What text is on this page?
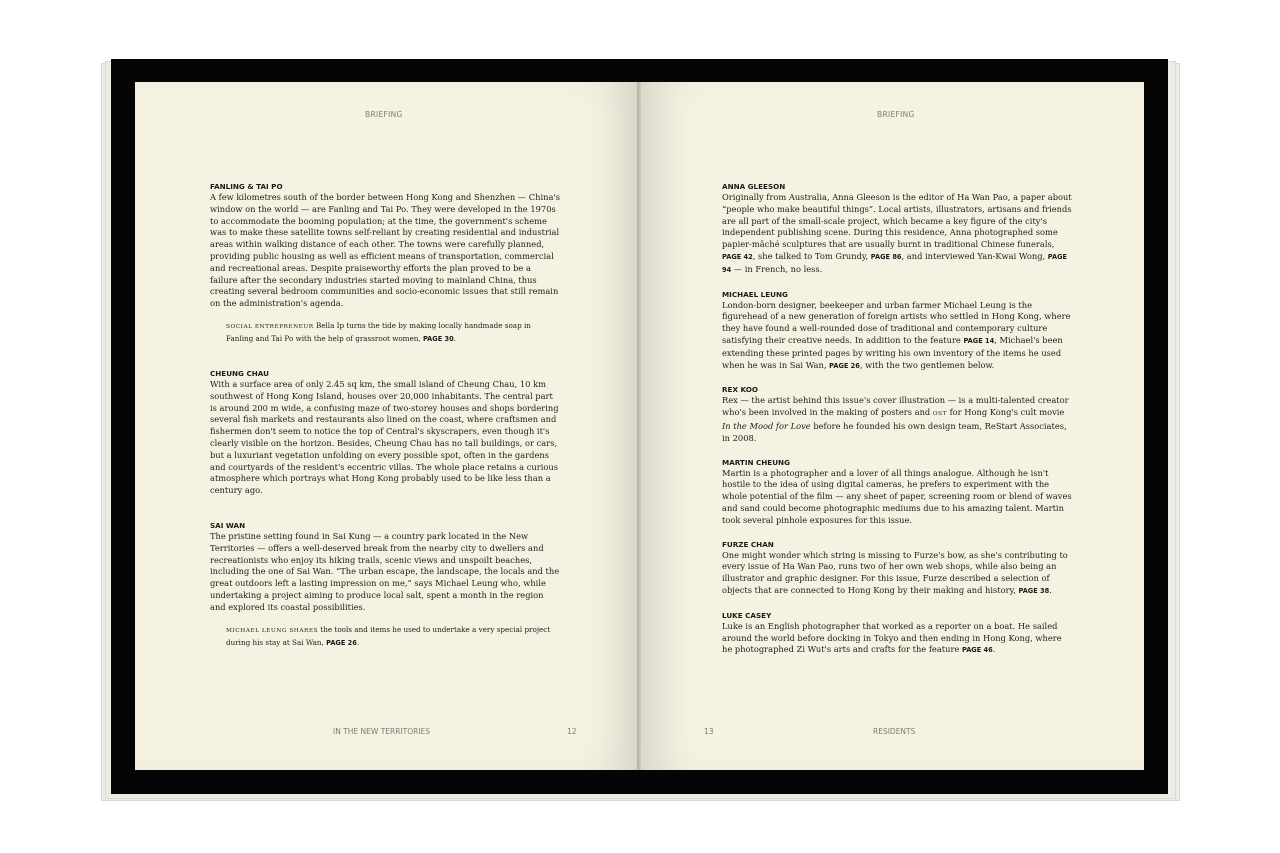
BRIEFING

FANLING & TAI PO

A few kilometres south of the border between Hong Kong and Shenzhen — China's window on the world — are Fanling and Tai Po. They were developed in the 1970s to accommodate the booming population; at the time, the government's scheme was to make these satellite towns self-reliant by creating residential and industrial areas within walking distance of each other. The towns were carefully planned, providing public housing as well as efficient means of transportation, commercial and recreational areas. Despite praiseworthy efforts the plan proved to be a failure after the secondary industries started moving to mainland China, thus creating several bedroom communities and socio-economic issues that still remain on the administration's agenda.

SOCIAL ENTREPRENEUR Bella Ip turns the tide by making locally handmade soap in Fanling and Tai Po with the help of grassroot women, PAGE 30.

CHEUNG CHAU

With a surface area of only 2.45 sq km, the small island of Cheung Chau, 10 km southwest of Hong Kong Island, houses over 20,000 inhabitants. The central part is around 200 m wide, a confusing maze of two-storey houses and shops bordering several fish markets and restaurants also lined on the coast, where craftsmen and fishermen don't seem to notice the top of Central's skyscrapers, even though it's clearly visible on the horizon. Besides, Cheung Chau has no tall buildings, or cars, but a luxuriant vegetation unfolding on every possible spot, often in the gardens and courtyards of the resident's eccentric villas. The whole place retains a curious atmosphere which portrays what Hong Kong probably used to be like less than a century ago.

SAI WAN

The pristine setting found in Sai Kung — a country park located in the New Territories — offers a well-deserved break from the nearby city to dwellers and recreationists who enjoy its hiking trails, scenic views and unspoilt beaches, including the one of Sai Wan. “The urban escape, the landscape, the locals and the great outdoors left a lasting impression on me,” says Michael Leung who, while undertaking a project aiming to produce local salt, spent a month in the region and explored its coastal possibilities.

MICHAEL LEUNG SHARES the tools and items he used to undertake a very special project during his stay at Sai Wan, PAGE 26.

IN THE NEW TERRITORIES	12
BRIEFING

ANNA GLEESON

Originally from Australia, Anna Gleeson is the editor of Ha Wan Pao, a paper about “people who make beautiful things”. Local artists, illustrators, artisans and friends are all part of the small-scale project, which became a key figure of the city's independent publishing scene. During this residence, Anna photographed some papier-mâché sculptures that are usually burnt in traditional Chinese funerals, PAGE 42, she talked to Tom Grundy, PAGE 86, and interviewed Yan-Kwai Wong, PAGE 94 — in French, no less.

MICHAEL LEUNG

London-born designer, beekeeper and urban farmer Michael Leung is the figurehead of a new generation of foreign artists who settled in Hong Kong, where they have found a well-rounded dose of traditional and contemporary culture satisfying their creative needs. In addition to the feature PAGE 14, Michael's been extending these printed pages by writing his own inventory of the items he used when he was in Sai Wan, PAGE 26, with the two gentlemen below.

REX KOO

Rex — the artist behind this issue's cover illustration — is a multi-talented creator who's been involved in the making of posters and OST for Hong Kong's cult movie In the Mood for Love before he founded his own design team, ReStart Associates, in 2008.

MARTIN CHEUNG

Martin is a photographer and a lover of all things analogue. Although he isn't hostile to the idea of using digital cameras, he prefers to experiment with the whole potential of the film — any sheet of paper, screening room or blend of waves and sand could become photographic mediums due to his amazing talent. Martin took several pinhole exposures for this issue.

FURZE CHAN

One might wonder which string is missing to Furze's bow, as she's contributing to every issue of Ha Wan Pao, runs two of her own web shops, while also being an illustrator and graphic designer. For this issue, Furze described a selection of objects that are connected to Hong Kong by their making and history, PAGE 38.

LUKE CASEY

Luke is an English photographer that worked as a reporter on a boat. He sailed around the world before docking in Tokyo and then ending in Hong Kong, where he photographed Zi Wut's arts and crafts for the feature PAGE 46.

13	RESIDENTS
